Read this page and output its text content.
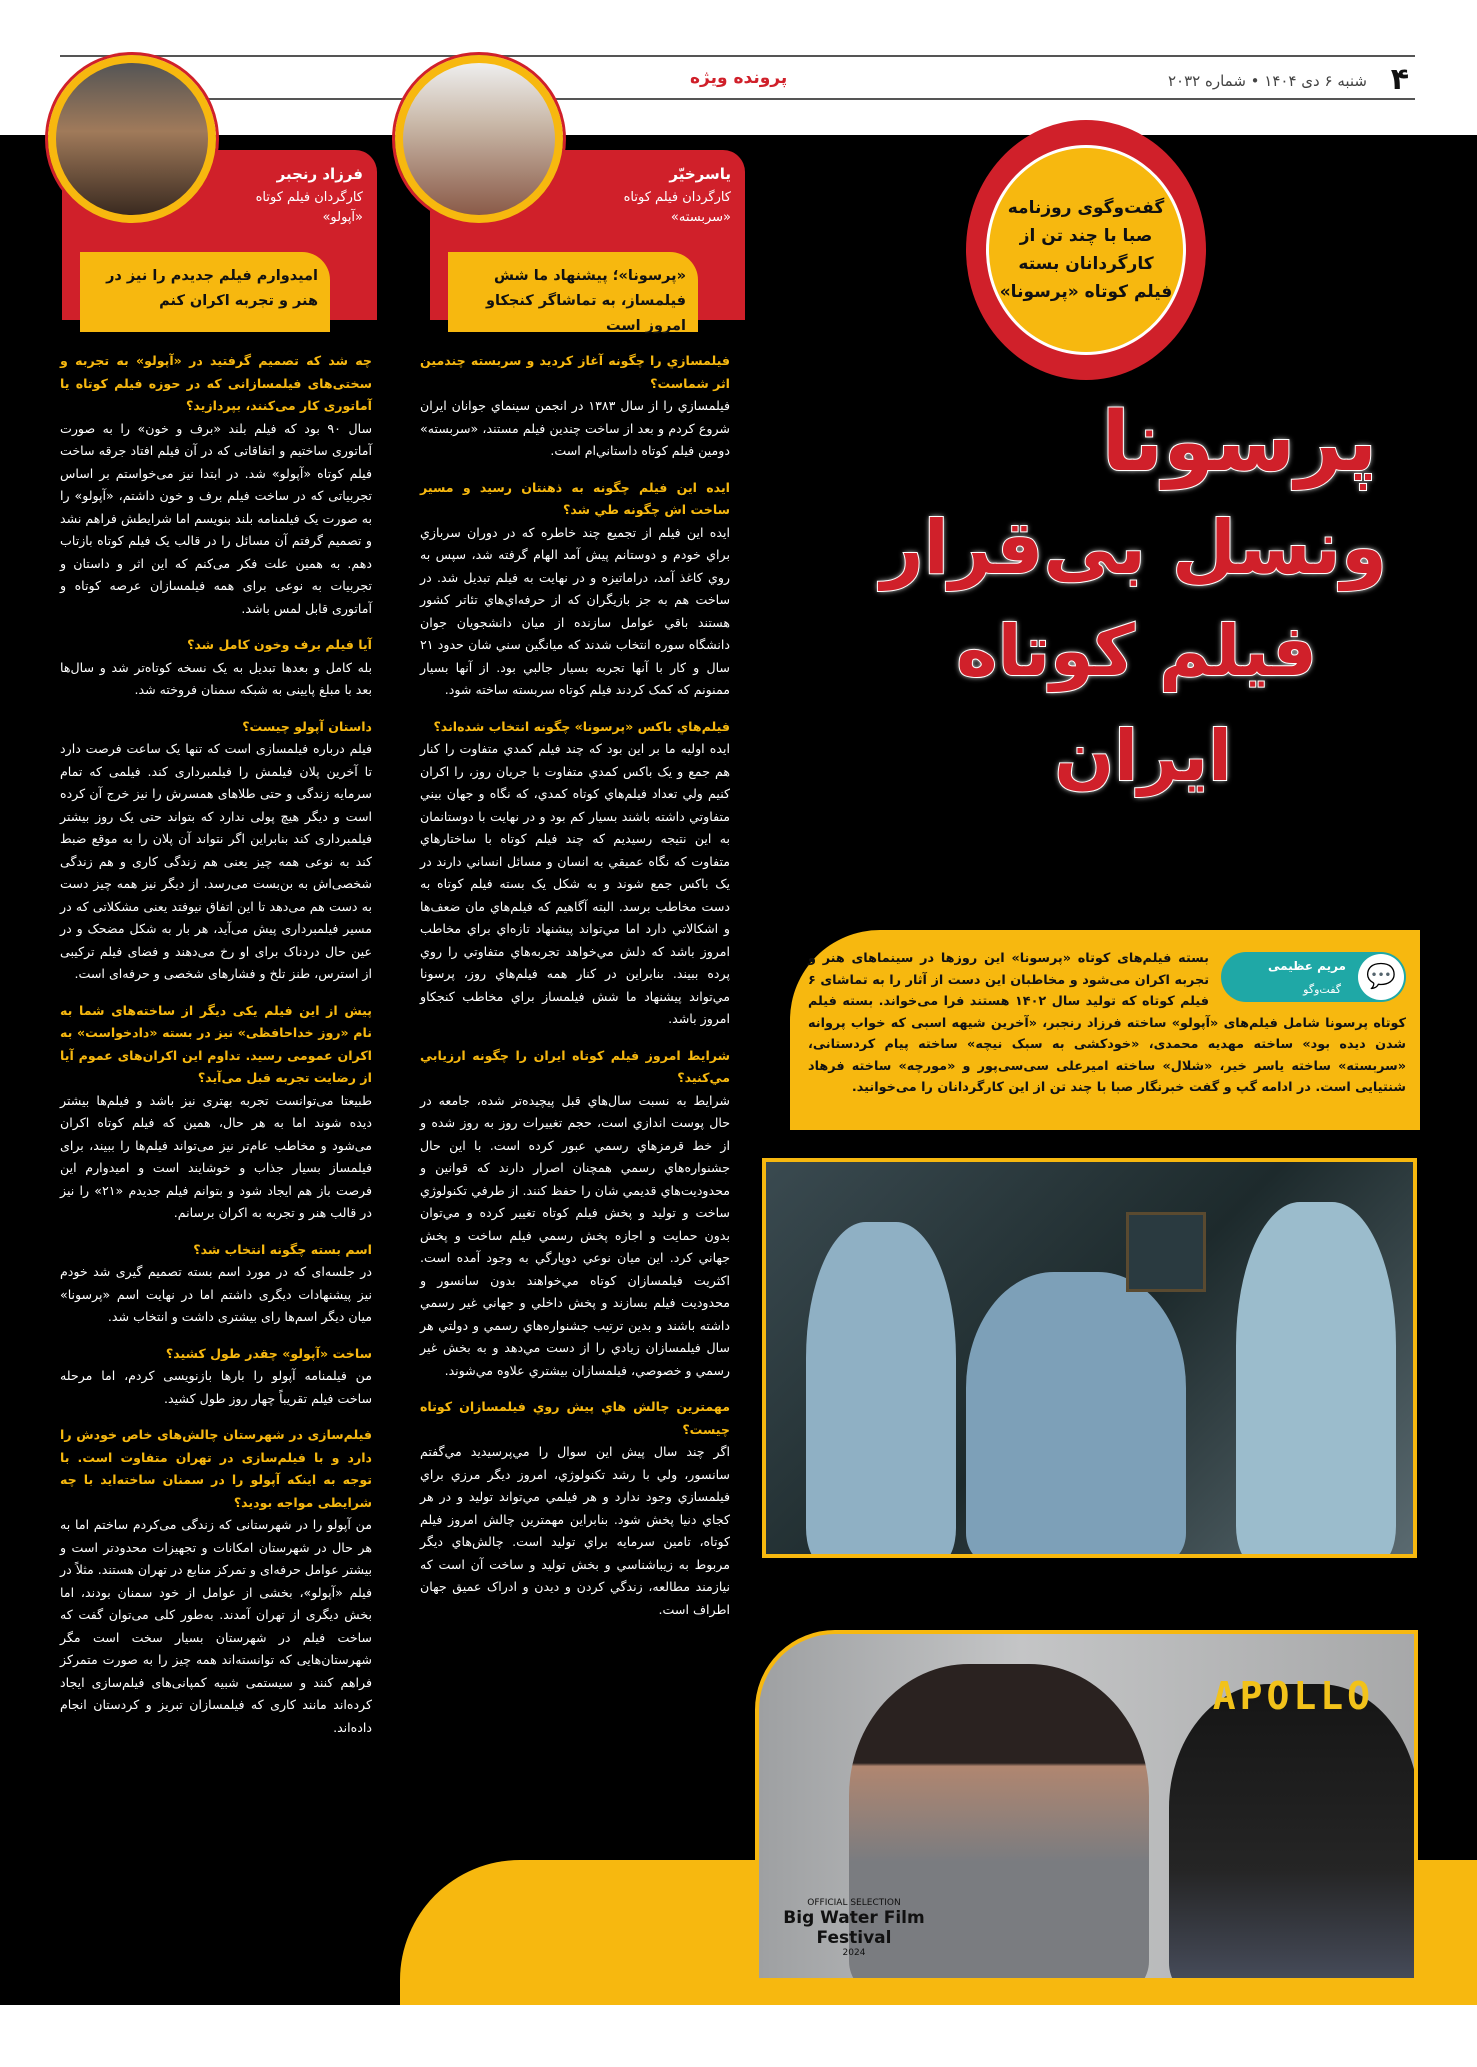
۴
شنبه ۶ دی ۱۴۰۴ • شماره ۲۰۳۲
پرونده ویژه
یاسرخیّر
کارگردان فیلم کوتاه
«سربسته»
«پرسونا»؛ پیشنهاد ما شش فیلمساز، به تماشاگر کنجکاو امروز است
فرزاد رنجبر
کارگردان فیلم کوتاه
«آپولو»
امیدوارم فیلم جدیدم را نیز در هنر و تجربه اکران کنم
گفت‌وگوی روزنامه صبا با چند تن از کارگردانان بسته فیلم کوتاه «پرسونا»
پرسونا
ونسل بی‌قرار
فیلم کوتاه
ایران
💬
مریم عظیمی
گفت‌وگو
بسته فیلم‌های کوتاه «پرسونا» این روزها در سینماهای هنر و تجربه اکران می‌شود و مخاطبان این دست از آثار را به تماشای ۶ فیلم کوتاه که تولید سال ۱۴۰۲ هستند فرا می‌خواند. بسته فیلم کوتاه پرسونا شامل فیلم‌های «آپولو» ساخته فرزاد رنجبر، «آخرین شیهه اسبی که خواب پروانه شدن دیده بود» ساخته مهدیه محمدی، «خودکشی به سبک نیچه» ساخته پیام کردستانی، «سربسته» ساخته یاسر خیر، «شلال» ساخته امیرعلی سی‌سی‌پور و «مورچه» ساخته فرهاد شنتیایی است. در ادامه گپ و گفت خبرنگار صبا با چند تن از این کارگردانان را می‌خوانید.
APOLLO
OFFICIAL SELECTION
Big Water Film Festival
2024
فیلمسازي را چگونه آغاز کرديد و سربسته چندمين اثر شماست؟
فیلمسازي را از سال ۱۳۸۳ در انجمن سینماي جوانان ايران شروع کردم و بعد از ساخت چندين فيلم مستند، «سربسته» دومين فيلم کوتاه داستاني‌ام است.
ايده اين فيلم چگونه به ذهنتان رسيد و مسير ساخت اش چگونه طي شد؟
ايده اين فيلم از تجميع چند خاطره که در دوران سربازي براي خودم و دوستانم پيش آمد الهام گرفته شد، سپس به روي کاغذ آمد، دراماتيزه و در نهايت به فيلم تبديل شد. در ساخت هم به جز بازيگران که از حرفه‌اي‌هاي تئاتر کشور هستند باقي عوامل سازنده از ميان دانشجويان جوان دانشگاه سوره انتخاب شدند که ميانگين سني شان حدود ۲۱ سال و کار با آنها تجربه بسيار جالبي بود. از آنها بسيار ممنونم که کمک کردند فيلم کوتاه سربسته ساخته شود.
فيلم‌هاي باکس «پرسونا» چگونه انتخاب شده‌اند؟
ايده اوليه ما بر اين بود که چند فيلم کمدي متفاوت را کنار هم جمع و يک باکس کمدي متفاوت با جريان روز، را اکران کنيم ولي تعداد فيلم‌هاي کوتاه کمدي، که نگاه و جهان بيني متفاوتي داشته باشند بسيار کم بود و در نهايت با دوستانمان به اين نتيجه رسيديم که چند فيلم کوتاه با ساختارهاي متفاوت که نگاه عميقي به انسان و مسائل انساني دارند در يک باکس جمع شوند و به شکل يک بسته فيلم کوتاه به دست مخاطب برسد. البته آگاهيم که فيلم‌هاي مان ضعف‌ها و اشکالاتي دارد اما مي‌تواند پيشنهاد تازه‌اي براي مخاطب امروز باشد که دلش مي‌خواهد تجربه‌هاي متفاوتي را روي پرده ببيند. بنابراين در کنار همه فيلم‌هاي روز، پرسونا مي‌تواند پيشنهاد ما شش فيلمساز براي مخاطب کنجکاو امروز باشد.
شرايط امروز فيلم کوتاه ايران را چگونه ارزيابي مي‌کنيد؟
شرايط به نسبت سال‌هاي قبل پيچيده‌تر شده، جامعه در حال پوست اندازي است، حجم تغييرات روز به روز شده و از خط قرمزهاي رسمي عبور کرده است. با اين حال جشنواره‌هاي رسمي همچنان اصرار دارند که قوانين و محدوديت‌هاي قديمي شان را حفظ کنند. از طرفي تکنولوژي ساخت و توليد و پخش فيلم کوتاه تغيير کرده و مي‌توان بدون حمايت و اجازه پخش رسمي فيلم ساخت و پخش جهاني کرد. اين ميان نوعي دوپارگي به وجود آمده است. اکثريت فيلمسازان کوتاه مي‌خواهند بدون سانسور و محدوديت فيلم بسازند و پخش داخلي و جهاني غير رسمي داشته باشند و بدين ترتيب جشنواره‌هاي رسمي و دولتي هر سال فيلمسازان زيادي را از دست مي‌دهد و به بخش غير رسمي و خصوصي، فيلمسازان بيشتري علاوه مي‌شوند.
مهمترين چالش هاي پيش روي فيلمسازان کوتاه چيست؟
اگر چند سال پيش اين سوال را مي‌پرسيديد مي‌گفتم سانسور، ولي با رشد تکنولوژي، امروز ديگر مرزي براي فيلمسازي وجود ندارد و هر فيلمي مي‌تواند توليد و در هر کجاي دنيا پخش شود. بنابراين مهمترين چالش امروز فيلم کوتاه، تامين سرمايه براي توليد است. چالش‌هاي ديگر مربوط به زيباشناسي و بخش توليد و ساخت آن است که نيازمند مطالعه، زندگي کردن و ديدن و ادراک عميق جهان اطراف است.
چه شد که تصمیم گرفتید در «آپولو» به تجربه و سختی‌های فیلمسازانی که در حوزه فیلم کوتاه یا آماتوری کار می‌کنند، بپردازید؟
سال ۹۰ بود که فیلم بلند «برف و خون» را به صورت آماتوری ساختیم و اتفاقاتی که در آن فیلم افتاد جرقه ساخت فیلم کوتاه «آپولو» شد. در ابتدا نیز می‌خواستم بر اساس تجربیاتی که در ساخت فیلم برف و خون داشتم، «آپولو» را به صورت یک فیلمنامه بلند بنویسم اما شرایطش فراهم نشد و تصمیم گرفتم آن مسائل را در قالب یک فیلم کوتاه بازتاب دهم. به همین علت فکر می‌کنم که این اثر و داستان و تجربیات به نوعی برای همه فیلمسازان عرصه کوتاه و آماتوری قابل لمس باشد.
آیا فیلم برف وخون کامل شد؟
بله کامل و بعدها تبدیل به یک نسخه کوتاه‌تر شد و سال‌ها بعد با مبلغ پایینی به شبکه سمنان فروخته شد.
داستان آپولو چیست؟
فیلم درباره فیلمسازی است که تنها یک ساعت فرصت دارد تا آخرین پلان فیلمش را فیلمبرداری کند. فیلمی که تمام سرمایه زندگی و حتی طلاهای همسرش را نیز خرج آن کرده است و دیگر هیچ پولی ندارد که بتواند حتی یک روز بیشتر فیلمبرداری کند بنابراین اگر نتواند آن پلان را به موقع ضبط کند به نوعی همه چیز یعنی هم زندگی کاری و هم زندگی شخصی‌اش به بن‌بست می‌رسد. از دیگر نیز همه چیز دست به دست هم می‌دهد تا این اتفاق نیوفتد یعنی مشکلاتی که در مسیر فیلمبرداری پیش می‌آید، هر بار به شکل مضحک و در عین حال دردناک برای او رخ می‌دهند و فضای فیلم ترکیبی از استرس، طنز تلخ و فشارهای شخصی و حرفه‌ای است.
پیش از این فیلم یکی دیگر از ساخته‌های شما به نام «روز خداحافظی» نیز در بسته «دادخواست» به اکران عمومی رسید. تداوم این اکران‌های عموم آیا از رضایت تجربه قبل می‌آید؟
طبیعتا می‌توانست تجربه بهتری نیز باشد و فیلم‌ها بیشتر دیده شوند اما به هر حال، همین که فیلم کوتاه اکران می‌شود و مخاطب عام‌تر نیز می‌تواند فیلم‌ها را ببیند، برای فیلمساز بسیار جذاب و خوشایند است و امیدوارم این فرصت باز هم ایجاد شود و بتوانم فیلم جدیدم «۲۱» را نیز در قالب هنر و تجربه به اکران برسانم.
اسم بسته چگونه انتخاب شد؟
در جلسه‌ای که در مورد اسم بسته تصمیم گیری شد خودم نیز پیشنهادات دیگری داشتم اما در نهایت اسم «پرسونا» میان دیگر اسم‌ها رای بیشتری داشت و انتخاب شد.
ساخت «آپولو» چقدر طول کشید؟
من فیلمنامه آپولو را بارها بازنویسی کردم، اما مرحله ساخت فیلم تقریباً چهار روز طول کشید.
فیلم‌سازی در شهرستان چالش‌های خاص خودش را دارد و با فیلم‌سازی در تهران متفاوت است. با توجه به اینکه آپولو را در سمنان ساخته‌اید با چه شرایطی مواجه بودید؟
من آپولو را در شهرستانی که زندگی می‌کردم ساختم اما به هر حال در شهرستان امکانات و تجهیزات محدودتر است و بیشتر عوامل حرفه‌ای و تمرکز منابع در تهران هستند. مثلاً در فیلم «آپولو»، بخشی از عوامل از خود سمنان بودند، اما بخش دیگری از تهران آمدند. به‌طور کلی می‌توان گفت که ساخت فیلم در شهرستان بسیار سخت است مگر شهرستان‌هایی که توانسته‌اند همه چیز را به صورت متمرکز فراهم کنند و سیستمی شبیه کمپانی‌های فیلم‌سازی ایجاد کرده‌اند مانند کاری که فیلمسازان تبریز و کردستان انجام داده‌اند.
